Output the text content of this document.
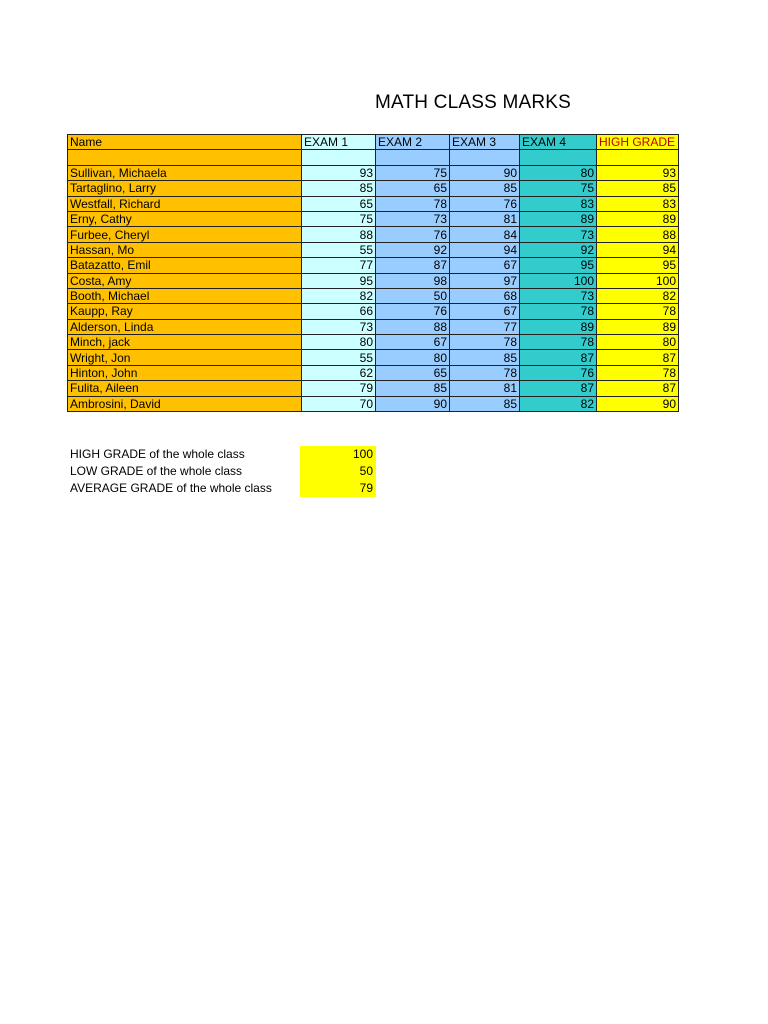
MATH CLASS MARKS
Name	EXAM 1	EXAM 2	EXAM 3	EXAM 4	HIGH GRADE

Sullivan, Michaela	93	75	90	80	93
Tartaglino, Larry	85	65	85	75	85
Westfall, Richard	65	78	76	83	83
Erny, Cathy	75	73	81	89	89
Furbee, Cheryl	88	76	84	73	88
Hassan, Mo	55	92	94	92	94
Batazatto, Emil	77	87	67	95	95
Costa, Amy	95	98	97	100	100
Booth, Michael	82	50	68	73	82
Kaupp, Ray	66	76	67	78	78
Alderson, Linda	73	88	77	89	89
Minch, jack	80	67	78	78	80
Wright, Jon	55	80	85	87	87
Hinton, John	62	65	78	76	78
Fulita, Aileen	79	85	81	87	87
Ambrosini, David	70	90	85	82	90
HIGH GRADE of the whole class	100
LOW GRADE of the whole class	50
AVERAGE GRADE of the whole class	79
